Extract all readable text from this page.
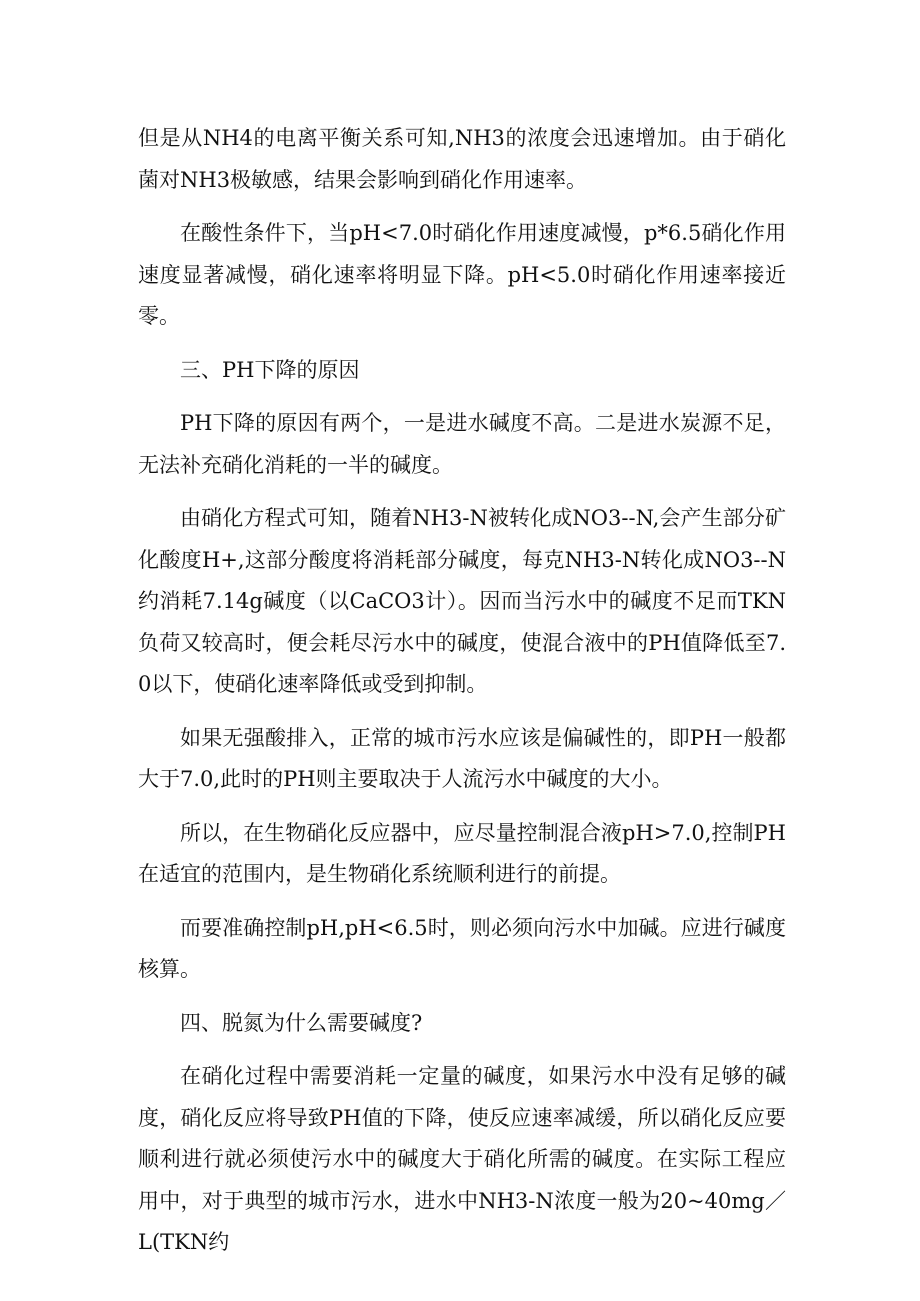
但是从NH4的电离平衡关系可知,NH3的浓度会迅速增加。由于硝化菌对NH3极敏感，结果会影响到硝化作用速率。

在酸性条件下，当pH<7.0时硝化作用速度减慢，p*6.5硝化作用速度显著减慢，硝化速率将明显下降。pH<5.0时硝化作用速率接近零。

三、PH下降的原因

PH下降的原因有两个，一是进水碱度不高。二是进水炭源不足，无法补充硝化消耗的一半的碱度。

由硝化方程式可知，随着NH3-N被转化成NO3--N,会产生部分矿化酸度H+,这部分酸度将消耗部分碱度，每克NH3-N转化成NO3--N约消耗7.14g碱度（以CaCO3计）。因而当污水中的碱度不足而TKN负荷又较高时，便会耗尽污水中的碱度，使混合液中的PH值降低至7.0以下，使硝化速率降低或受到抑制。

如果无强酸排入，正常的城市污水应该是偏碱性的，即PH一般都大于7.0,此时的PH则主要取决于人流污水中碱度的大小。

所以，在生物硝化反应器中，应尽量控制混合液pH>7.0,控制PH在适宜的范围内，是生物硝化系统顺利进行的前提。

而要准确控制pH,pH<6.5时，则必须向污水中加碱。应进行碱度核算。

四、脱氮为什么需要碱度?

在硝化过程中需要消耗一定量的碱度，如果污水中没有足够的碱度，硝化反应将导致PH值的下降，使反应速率减缓，所以硝化反应要顺利进行就必须使污水中的碱度大于硝化所需的碱度。在实际工程应用中，对于典型的城市污水，进水中NH3-N浓度一般为20~40mg／L(TKN约
